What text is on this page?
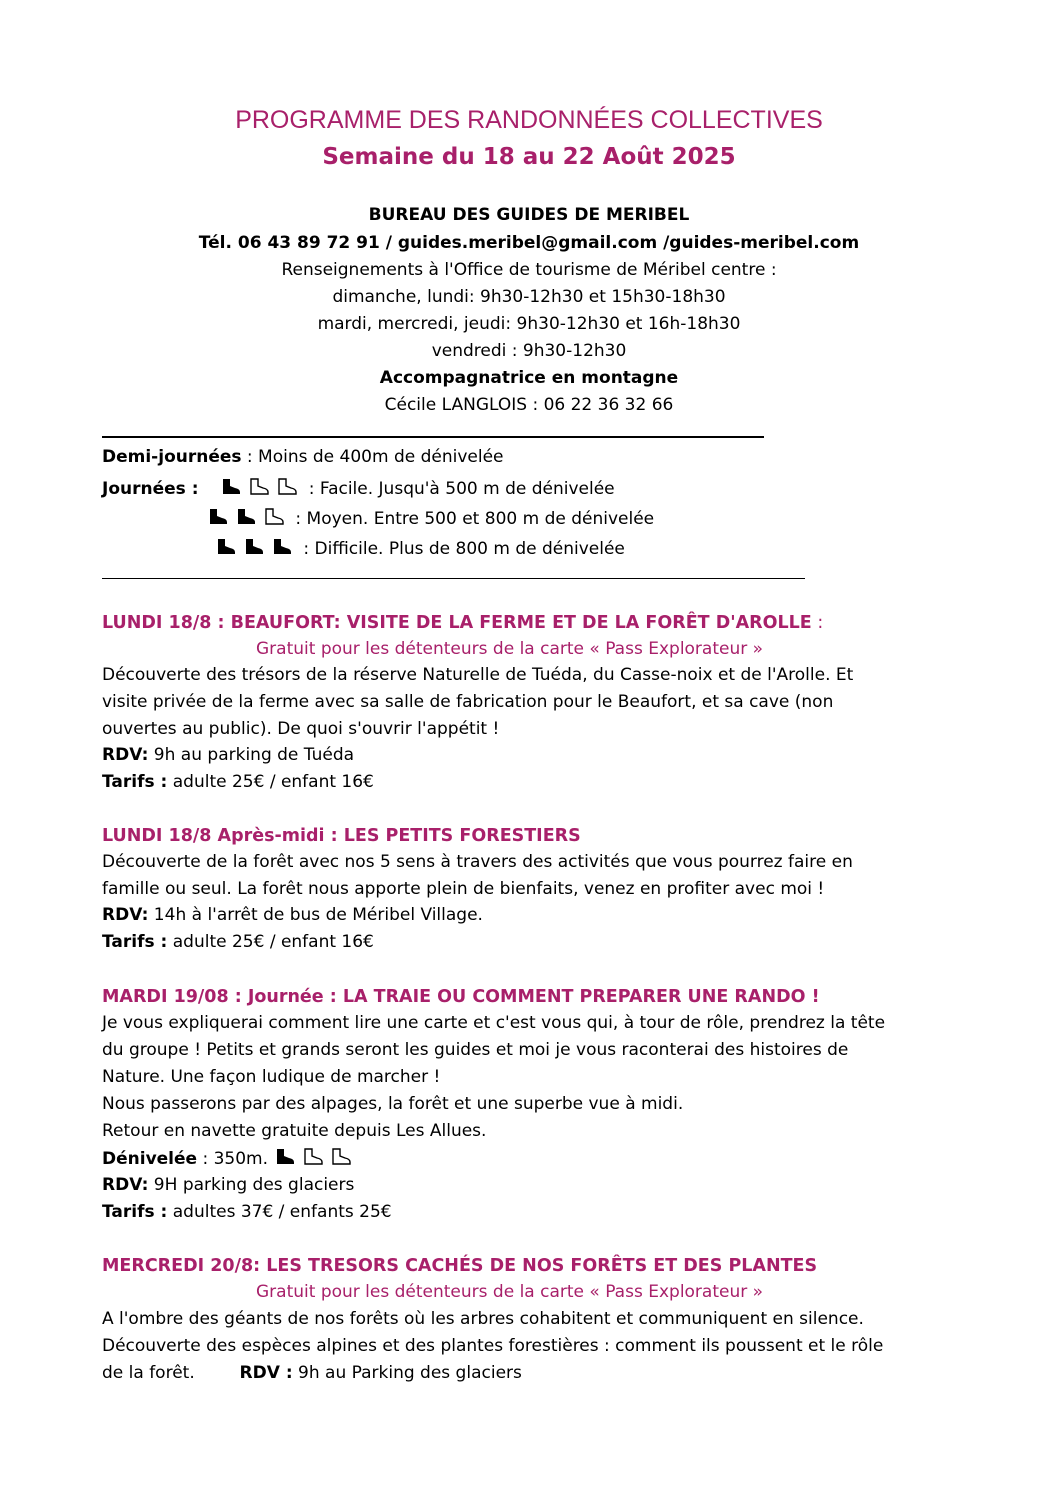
PROGRAMME DES RANDONNÉES COLLECTIVES
Semaine du 18 au 22 Août 2025
BUREAU DES GUIDES DE MERIBEL
Tél. 06 43 89 72 91 / guides.meribel@gmail.com /guides-meribel.com
Renseignements à l'Office de tourisme de Méribel centre :
dimanche, lundi: 9h30-12h30 et 15h30-18h30
mardi, mercredi, jeudi: 9h30-12h30 et 16h-18h30
vendredi : 9h30-12h30
Accompagnatrice en montagne
Cécile LANGLOIS : 06 22 36 32 66
Demi-journées : Moins de 400m de dénivelée
Journées :	: Facile. Jusqu'à 500 m de dénivelée
: Moyen. Entre 500 et 800 m de dénivelée
: Difficile. Plus de 800 m de dénivelée
LUNDI 18/8 : BEAUFORT: VISITE DE LA FERME ET DE LA FORÊT D'AROLLE :
Gratuit pour les détenteurs de la carte « Pass Explorateur »
Découverte des trésors de la réserve Naturelle de Tuéda, du Casse-noix et de l'Arolle. Et
visite privée de la ferme avec sa salle de fabrication pour le Beaufort, et sa cave (non
ouvertes au public). De quoi s'ouvrir l'appétit !
RDV: 9h au parking de Tuéda
Tarifs : adulte 25€ / enfant 16€
LUNDI 18/8 Après-midi : LES PETITS FORESTIERS
Découverte de la forêt avec nos 5 sens à travers des activités que vous pourrez faire en
famille ou seul. La forêt nous apporte plein de bienfaits, venez en profiter avec moi !
RDV: 14h à l'arrêt de bus de Méribel Village.
Tarifs : adulte 25€ / enfant 16€
MARDI 19/08 : Journée : LA TRAIE OU COMMENT PREPARER UNE RANDO !
Je vous expliquerai comment lire une carte et c'est vous qui, à tour de rôle, prendrez la tête
du groupe ! Petits et grands seront les guides et moi je vous raconterai des histoires de
Nature. Une façon ludique de marcher !
Nous passerons par des alpages, la forêt et une superbe vue à midi.
Retour en navette gratuite depuis Les Allues.
Dénivelée : 350m.
RDV: 9H parking des glaciers
Tarifs : adultes 37€ / enfants 25€
MERCREDI 20/8: LES TRESORS CACHÉS DE NOS FORÊTS ET DES PLANTES
Gratuit pour les détenteurs de la carte « Pass Explorateur »
A l'ombre des géants de nos forêts où les arbres cohabitent et communiquent en silence.
Découverte des espèces alpines et des plantes forestières : comment ils poussent et le rôle
de la forêt.	RDV : 9h au Parking des glaciers
